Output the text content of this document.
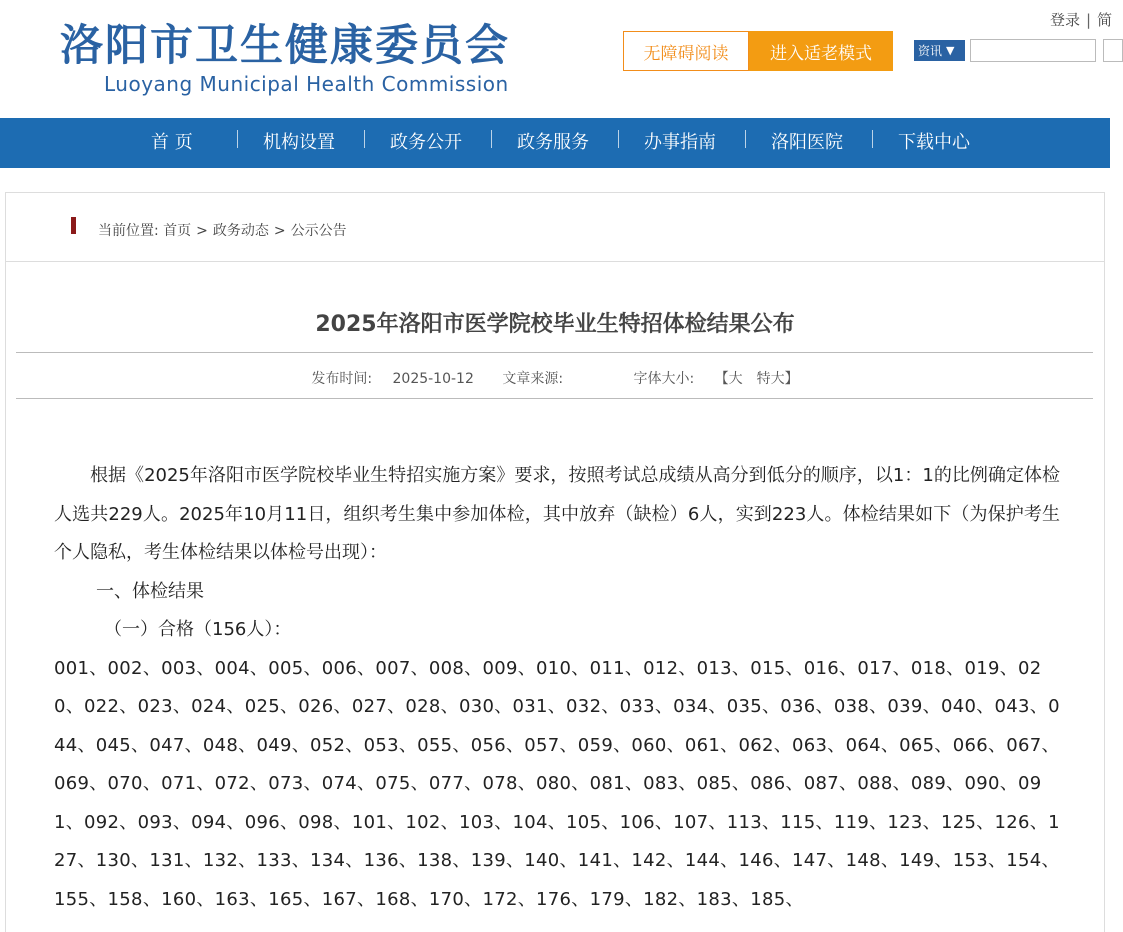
洛阳市卫生健康委员会
Luoyang Municipal Health Commission
无障碍阅读	进入适老模式	资讯 ▼
登录 | 简
首 页	机构设置	政务公开	政务服务	办事指南	洛阳医院	下载中心
当前位置: 首页 > 政务动态 > 公示公告
2025年洛阳市医学院校毕业生特招体检结果公布
发布时间: 2025-10-12 文章来源:	字体大小: 【大　特大】

根据《2025年洛阳市医学院校毕业生特招实施方案》要求，按照考试总成绩从高分到低分的顺序，以1：1的比例确定体检人选共229人。2025年10月11日，组织考生集中参加体检，其中放弃（缺检）6人，实到223人。体检结果如下（为保护考生个人隐私，考生体检结果以体检号出现）：

一、体检结果

（一）合格（156人）：

001、002、003、004、005、006、007、008、009、010、011、012、013、015、016、017、018、019、020、022、023、024、025、026、027、028、030、031、032、033、034、035、036、038、039、040、043、044、045、047、048、049、052、053、055、056、057、059、060、061、062、063、064、065、066、067、069、070、071、072、073、074、075、077、078、080、081、083、085、086、087、088、089、090、091、092、093、094、096、098、101、102、103、104、105、106、107、113、115、119、123、125、126、127、130、131、132、133、134、136、138、139、140、141、142、144、146、147、148、149、153、154、155、158、160、163、165、167、168、170、172、176、179、182、183、185、
